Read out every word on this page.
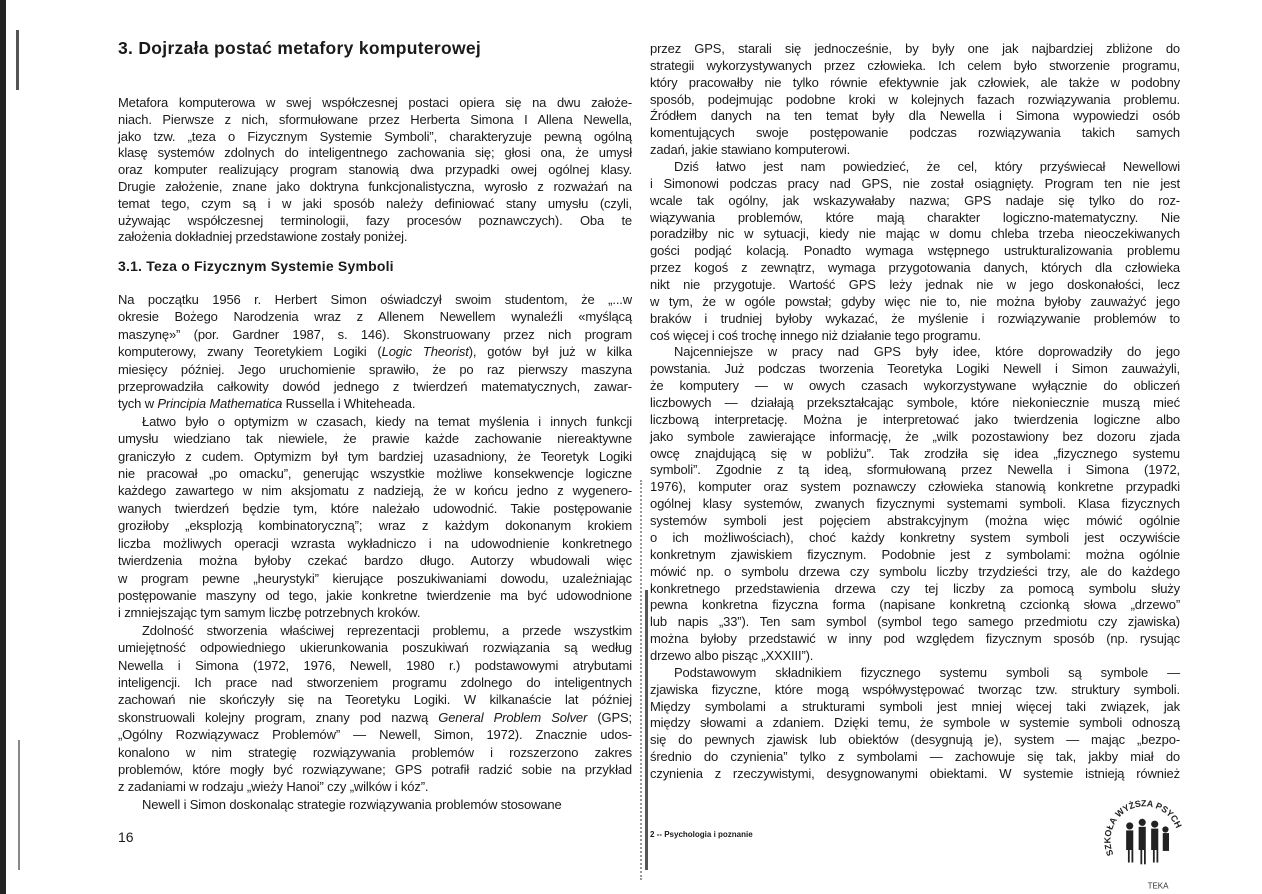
3. Dojrzała postać metafory komputerowej
Metafora komputerowa w swej współczesnej postaci opiera się na dwu założe-
niach. Pierwsze z nich, sformułowane przez Herberta Simona I Allena Newella,
jako tzw. „teza o Fizycznym Systemie Symboli”, charakteryzuje pewną ogólną
klasę systemów zdolnych do inteligentnego zachowania się; głosi ona, że umysł
oraz komputer realizujący program stanowią dwa przypadki owej ogólnej klasy.
Drugie założenie, znane jako doktryna funkcjonalistyczna, wyrosło z rozważań na
temat tego, czym są i w jaki sposób należy definiować stany umysłu (czyli,
używając współczesnej terminologii, fazy procesów poznawczych). Oba te
założenia dokładniej przedstawione zostały poniżej.
3.1. Teza o Fizycznym Systemie Symboli
Na początku 1956 r. Herbert Simon oświadczył swoim studentom, że „...w
okresie Bożego Narodzenia wraz z Allenem Newellem wynaleźli «myślącą
maszynę»” (por. Gardner 1987, s. 146). Skonstruowany przez nich program
komputerowy, zwany Teoretykiem Logiki (Logic Theorist), gotów był już w kilka
miesięcy później. Jego uruchomienie sprawiło, że po raz pierwszy maszyna
przeprowadziła całkowity dowód jednego z twierdzeń matematycznych, zawar-
tych w Principia Mathematica Russella i Whiteheada.
Łatwo było o optymizm w czasach, kiedy na temat myślenia i innych funkcji
umysłu wiedziano tak niewiele, że prawie każde zachowanie niereaktywne
graniczyło z cudem. Optymizm był tym bardziej uzasadniony, że Teoretyk Logiki
nie pracował „po omacku”, generując wszystkie możliwe konsekwencje logiczne
każdego zawartego w nim aksjomatu z nadzieją, że w końcu jedno z wygenero-
wanych twierdzeń będzie tym, które należało udowodnić. Takie postępowanie
groziłoby „eksplozją kombinatoryczną”; wraz z każdym dokonanym krokiem
liczba możliwych operacji wzrasta wykładniczo i na udowodnienie konkretnego
twierdzenia można byłoby czekać bardzo długo. Autorzy wbudowali więc
w program pewne „heurystyki” kierujące poszukiwaniami dowodu, uzależniając
postępowanie maszyny od tego, jakie konkretne twierdzenie ma być udowodnione
i zmniejszając tym samym liczbę potrzebnych kroków.
Zdolność stworzenia właściwej reprezentacji problemu, a przede wszystkim
umiejętność odpowiedniego ukierunkowania poszukiwań rozwiązania są według
Newella i Simona (1972, 1976, Newell, 1980 r.) podstawowymi atrybutami
inteligencji. Ich prace nad stworzeniem programu zdolnego do inteligentnych
zachowań nie skończyły się na Teoretyku Logiki. W kilkanaście lat później
skonstruowali kolejny program, znany pod nazwą General Problem Solver (GPS;
„Ogólny Rozwiązywacz Problemów” — Newell, Simon, 1972). Znacznie udos-
konalono w nim strategię rozwiązywania problemów i rozszerzono zakres
problemów, które mogły być rozwiązywane; GPS potrafił radzić sobie na przykład
z zadaniami w rodzaju „wieży Hanoi” czy „wilków i kóz”.
Newell i Simon doskonaląc strategie rozwiązywania problemów stosowane
16
przez GPS, starali się jednocześnie, by były one jak najbardziej zbliżone do
strategii wykorzystywanych przez człowieka. Ich celem było stworzenie programu,
który pracowałby nie tylko równie efektywnie jak człowiek, ale także w podobny
sposób, podejmując podobne kroki w kolejnych fazach rozwiązywania problemu.
Źródłem danych na ten temat były dla Newella i Simona wypowiedzi osób
komentujących swoje postępowanie podczas rozwiązywania takich samych
zadań, jakie stawiano komputerowi.
Dziś łatwo jest nam powiedzieć, że cel, który przyświecał Newellowi
i Simonowi podczas pracy nad GPS, nie został osiągnięty. Program ten nie jest
wcale tak ogólny, jak wskazywałaby nazwa; GPS nadaje się tylko do roz-
wiązywania problemów, które mają charakter logiczno-matematyczny. Nie
poradziłby nic w sytuacji, kiedy nie mając w domu chleba trzeba nieoczekiwanych
gości podjąć kolacją. Ponadto wymaga wstępnego ustrukturalizowania problemu
przez kogoś z zewnątrz, wymaga przygotowania danych, których dla człowieka
nikt nie przygotuje. Wartość GPS leży jednak nie w jego doskonałości, lecz
w tym, że w ogóle powstał; gdyby więc nie to, nie można byłoby zauważyć jego
braków i trudniej byłoby wykazać, że myślenie i rozwiązywanie problemów to
coś więcej i coś trochę innego niż działanie tego programu.
Najcenniejsze w pracy nad GPS były idee, które doprowadziły do jego
powstania. Już podczas tworzenia Teoretyka Logiki Newell i Simon zauważyli,
że komputery — w owych czasach wykorzystywane wyłącznie do obliczeń
liczbowych — działają przekształcając symbole, które niekoniecznie muszą mieć
liczbową interpretację. Można je interpretować jako twierdzenia logiczne albo
jako symbole zawierające informację, że „wilk pozostawiony bez dozoru zjada
owcę znajdującą się w pobliżu”. Tak zrodziła się idea „fizycznego systemu
symboli”. Zgodnie z tą ideą, sformułowaną przez Newella i Simona (1972,
1976), komputer oraz system poznawczy człowieka stanowią konkretne przypadki
ogólnej klasy systemów, zwanych fizycznymi systemami symboli. Klasa fizycznych
systemów symboli jest pojęciem abstrakcyjnym (można więc mówić ogólnie
o ich możliwościach), choć każdy konkretny system symboli jest oczywiście
konkretnym zjawiskiem fizycznym. Podobnie jest z symbolami: można ogólnie
mówić np. o symbolu drzewa czy symbolu liczby trzydzieści trzy, ale do każdego
konkretnego przedstawienia drzewa czy tej liczby za pomocą symbolu służy
pewna konkretna fizyczna forma (napisane konkretną czcionką słowa „drzewo”
lub napis „33”). Ten sam symbol (symbol tego samego przedmiotu czy zjawiska)
można byłoby przedstawić w inny pod względem fizycznym sposób (np. rysując
drzewo albo pisząc „XXXIII”).
Podstawowym składnikiem fizycznego systemu symboli są symbole —
zjawiska fizyczne, które mogą współwystępować tworząc tzw. struktury symboli.
Między symbolami a strukturami symboli jest mniej więcej taki związek, jak
między słowami a zdaniem. Dzięki temu, że symbole w systemie symboli odnoszą
się do pewnych zjawisk lub obiektów (desygnują je), system — mając „bezpo-
średnio do czynienia” tylko z symbolami — zachowuje się tak, jakby miał do
czynienia z rzeczywistymi, desygnowanymi obiektami. W systemie istnieją również
2 -- Psychologia i poznanie
SZKOŁA WYŻSZA PSYCH
TEKA
